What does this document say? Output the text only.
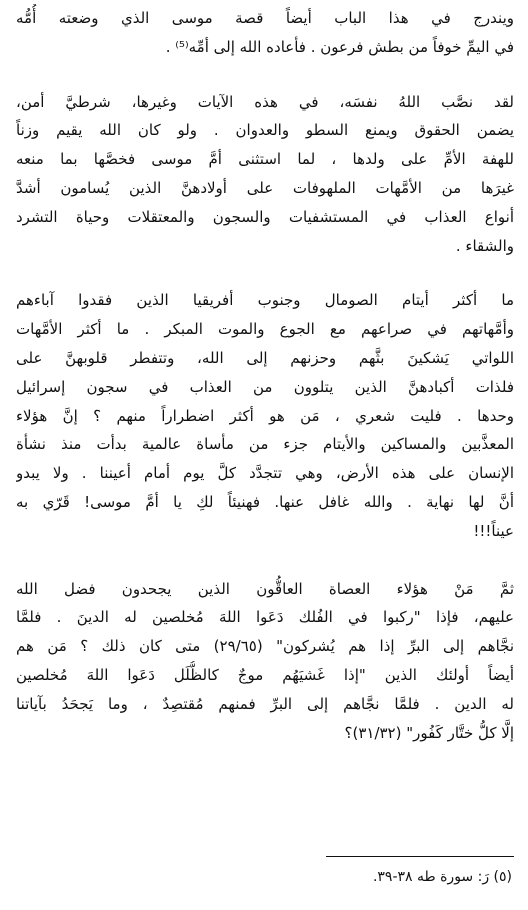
ويندرج في هذا الباب أيضاً قصة موسى الذي وضعته أُمُّه
في اليمِّ خوفاً من بطش فرعون . فأعاده الله إلى أمِّه⁽⁵⁾ .
لقد نصَّب اللهُ نفسَه، في هذه الآيات وغيرها، شرطيَّ أمن،
يضمن الحقوق ويمنع السطو والعدوان . ولو كان الله يقيم وزناً
للهفة الأمِّ على ولدها ، لما استثنى أمَّ موسى فخصَّها بما منعه
غيرَها من الأمَّهات الملهوفات على أولادهنَّ الذين يُسامون أشدَّ
أنواع العذاب في المستشفيات والسجون والمعتقلات وحياة التشرد
والشقاء .
ما أكثر أيتام الصومال وجنوب أفريقيا الذين فقدوا آباءهم
وأمَّهاتهم في صراعهم مع الجوع والموت المبكر . ما أكثر الأمَّهات
اللواتي يَشكينَ بثَّهم وحزنهم إلى الله، وتتفطر قلوبهنَّ على
فلذات أكبادهنَّ الذين يتلوون من العذاب في سجون إسرائيل
وحدها . فليت شعري ، مَن هو أكثر اضطراراً منهم ؟ إنَّ هؤلاء
المعذَّبين والمساكين والأيتام جزء من مأساة عالمية بدأت منذ نشأة
الإنسان على هذه الأرض، وهي تتجدَّد كلَّ يوم أمام أعيننا . ولا يبدو
أنَّ لها نهاية . والله غافل عنها. فهنيئاً لكِ يا أمَّ موسى! قَرّي به
عيناً!!!
ثمَّ مَنْ هؤلاء العصاة العاقُّون الذين يجحدون فضل الله
عليهم، فإذا "ركبوا في الفُلك دَعَوا اللهَ مُخلصين له الدينَ . فلمَّا
نجَّاهم إلى البرِّ إذا هم يُشركون" (٢٩/٦٥) متى كان ذلك ؟ مَن هم
أيضاً أولئك الذين "إذا غَشيَهُم موجٌ كالظُّلَل دَعَوا اللهَ مُخلصين
له الدين . فلمَّا نجَّاهم إلى البرِّ فمنهم مُقتصِدٌ ، وما يَجحَدُ بآياتنا
إلَّا كلُّ ختَّار كَفُور" (٣١/٣٢)؟
(٥) رَ: سورة طه ٣٨-٣٩.
